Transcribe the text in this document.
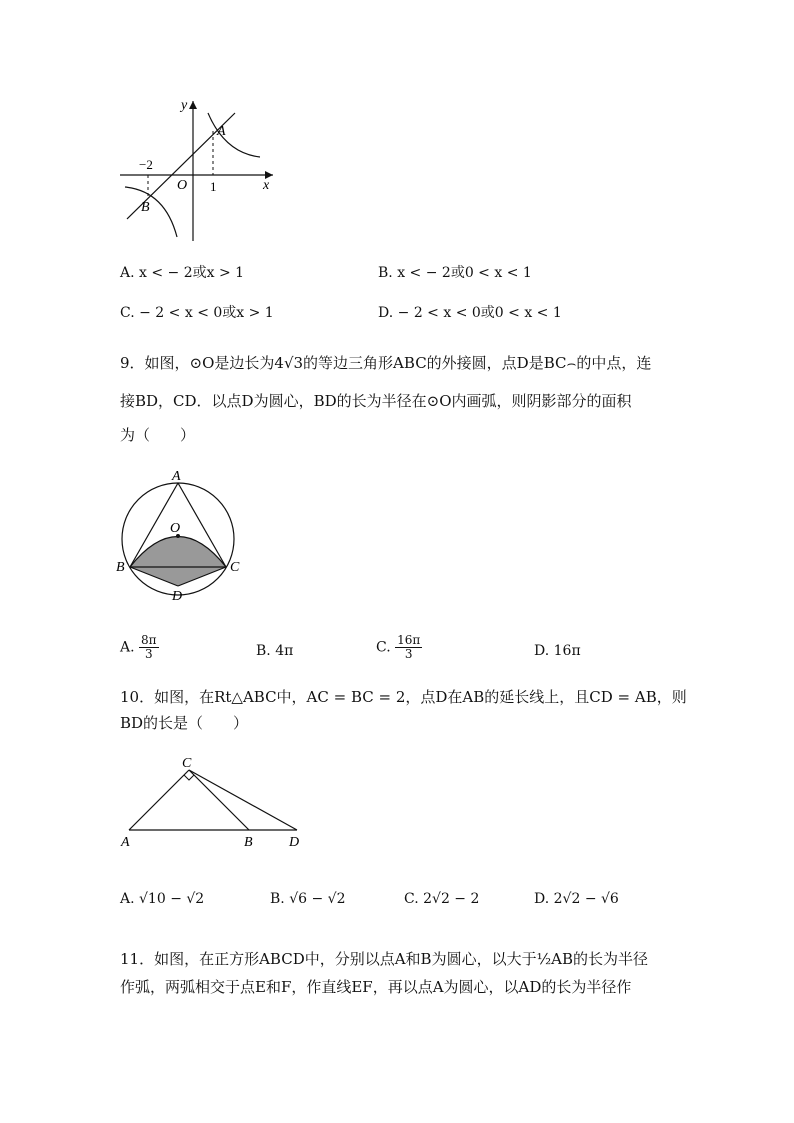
y
x
O
−2
1
A
B
A. x < − 2或x > 1	B. x < − 2或0 < x < 1
C. − 2 < x < 0或x > 1	D. − 2 < x < 0或0 < x < 1
9．如图，⊙O是边长为4√3的等边三角形ABC的外接圆，点D是BC⌢的中点，连
接BD，CD．以点D为圆心，BD的长为半径在⊙O内画弧，则阴影部分的面积
为（　　）
A
O
B	C
D
A. $\frac{8\pi}{3}$	B. 4π	C. $\frac{16\pi}{3}$	D. 16π
10．如图，在Rt△ABC中，AC = BC = 2，点D在AB的延长线上，且CD = AB，则
BD的长是（　　）
C
A	B	D
A. √10 − √2	B. √6 − √2	C. 2√2 − 2	D. 2√2 − √6
11．如图，在正方形ABCD中，分别以点A和B为圆心，以大于½AB的长为半径
作弧，两弧相交于点E和F，作直线EF，再以点A为圆心，以AD的长为半径作
